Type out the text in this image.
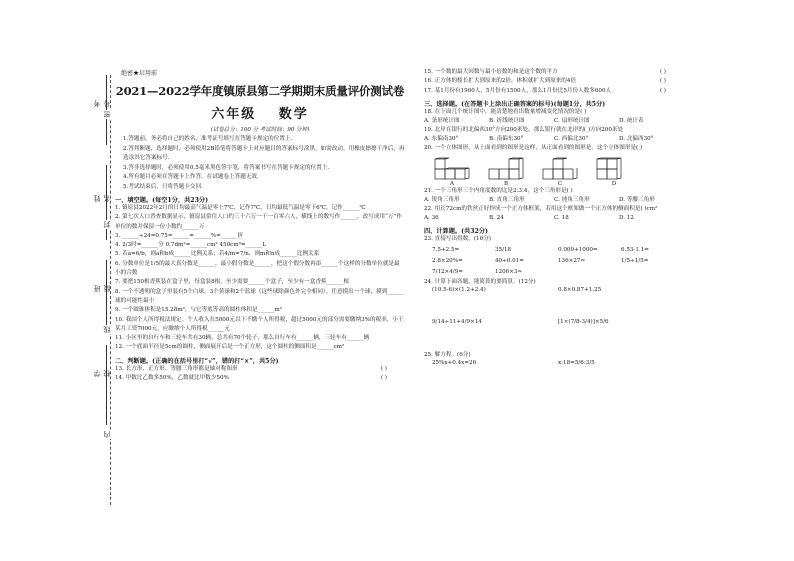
考号
姓名
班级
学校
密
封
线
内
绝密★启用前
2021—2022学年度镇原县第二学期期末质量评价测试卷
六年级 数学
(试卷总分：100 分 考试时间：90 分钟)
1.答题前，务必将自己的姓名、准考证号填写在答题卡规定的位置上.
2.答判断题，选择题时，必须使用2B铅笔将答题卡上对应题目的答案标号涂黑，如需改动，用橡皮擦擦干净后，再选涂其它答案标号.
3.答非选择题时，必须使用0.5毫米黑色签字笔，将答案书写在答题卡规定的位置上.
4.所有题目必须在答题卡上作答，在试题卷上答题无效.
5.考试结束后，只将答题卡交回.
一、填空题。(每空1分，共23分)
1. 镇原县2022年2月的日均最高气温是零上7℃，记作7℃，日均最低气温是零下6℃，记作______℃
2. 第七次人口普查数据显示，镇原县常住人口约三十六万一千一百零六人，横线上的数写作______，改写成用“万”作单位的数并保留一位小数约______万
3. ______÷24=0.75=______=______%=______折
4. 2/3时=______分 0.7dm²=______cm² 450cm³=______L
5. 若a=6/b，则a和b成______比例关系；若4/m=7/n，则m和n成______比例关系
6. 分数单位是1/5的最大真分数是______，最小假分数是______，把这个假分数再添______个这样的分数单位就是最小的合数
7. 要把150根香蕉装在盒子里，每盒装8根，至少需要______个盒子，至少有一盒香蕉______根
8. 一个不透明的盒子里装有5个白球，3个黄球和2个蓝球（这些球除颜色外完全相同）。任意摸出一个球，摸到______球的可能性最小
9. 一个圆锥体积是15.28m³，与它等底等高的圆柱体积是______m³
10. 我国个人所得税法规定：个人收入在5000元以下不缴个人所得税，超过5000元的部分需要缴纳3%的税率，小王某月工资7000元，应缴纳个人所得税______元
11. 小区里的自行车和三轮车共有30辆，总共有70个轮子，那么自行车有______辆，三轮车有______辆
12. 一个底面半径是5cm的圆柱，侧面展开后是一个正方形，这个圆柱的侧面积是______cm²
二、判断题。(正确的在括号里打“√”，错的打“×”，共5分)
13. 长方形、正方形、等腰三角形都是轴对称图形	( )
14. 甲数比乙数多50%，乙数就比甲数少50%	( )
15. 一个数的最大因数与最小倍数的和是这个数的平方	( )
16. 正方体的棱长扩大到原来的2倍，体积就扩大到原来的4倍	( )
17. 某1月份有1900人，5月份有1500人，那么1月份比5月份人数多600人	( )
三、选择题。(在答题卡上涂出正确答案的标号)(每题1分，共5分)
18. 在下面几个统计图中，能清楚地看出数量增减变化情况的是( )
A. 条形统计图	B. 折线统计图	C. 扇形统计图	D. 统计表
19. 北岸在银行的北偏西30°方向200米处，那么银行就在北岸的( )方向200米处
A. 东偏南30°	B. 南偏东30°	C. 西偏北30°	D. 北偏西30°
20. 一个立体图形，从上面看到的图形是这样，从正面看到的图形是，这个立体图形是( )
A	B	C	D
21. 一个三角形三个内角度数的比是2:3:4，这个三角形是( )
A. 锐角三角形	B. 直角三角形	C. 钝角三角形	D. 等腰三角形
22. 用长72cm的铁丝正好焊成一个正方体框架，若用这个框架做一个正方体的侧面积是( )cm²
A. 36	B. 24	C. 18	D. 12
四、计算题。(共32分)
23. 直接写出得数。(10分)
7.5+2.5=	35/18	0.009+1000=	6.53-1.1=
2.8×20%=	40÷0.01=	136×27≈	1/5÷1/5=
7/12×4/9=	1206×3≈
24. 计算下面各题，能简算的要简算。(12分)
(10.5-6)×(1.2+2.4)	0.8×0.87+1.25
9/14÷11+4/9×14	[1×(7/8-3/4)]×5/6
25. 解方程。(6分)
25%x+0.4x=26	x:18=5/6:3/5
